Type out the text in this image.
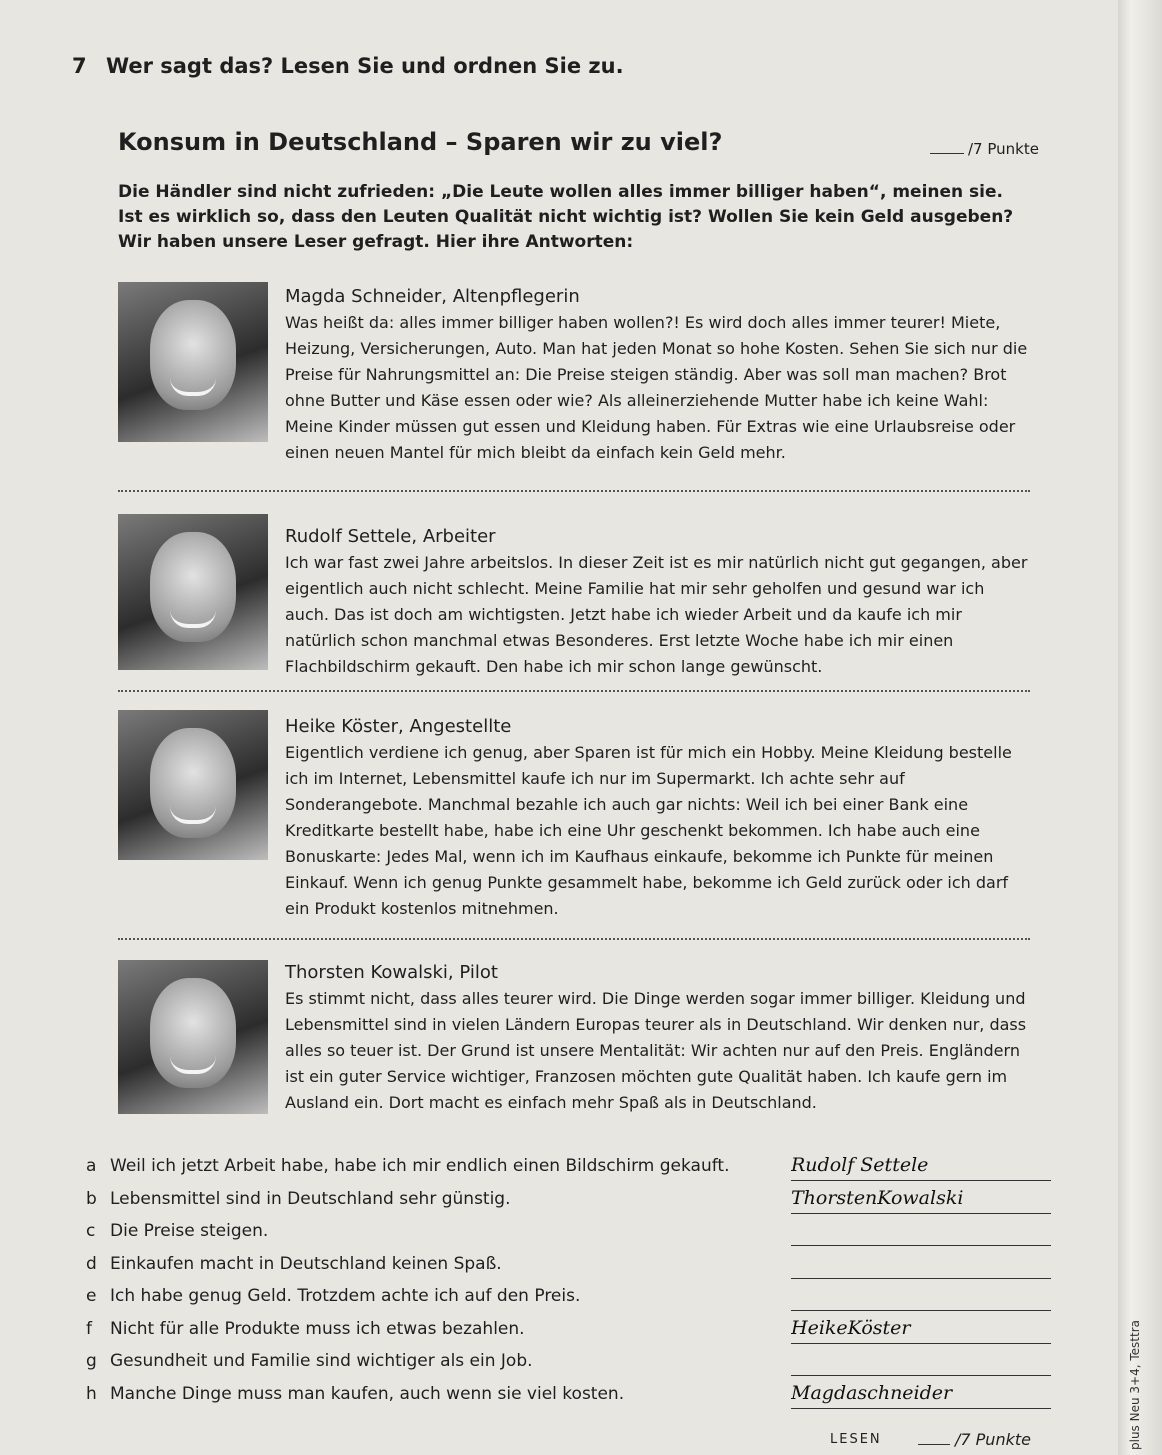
7 Wer sagt das? Lesen Sie und ordnen Sie zu.
/7 Punkte
Konsum in Deutschland – Sparen wir zu viel?
Die Händler sind nicht zufrieden: „Die Leute wollen alles immer billiger haben“, meinen sie. Ist es wirklich so, dass den Leuten Qualität nicht wichtig ist? Wollen Sie kein Geld ausgeben? Wir haben unsere Leser gefragt. Hier ihre Antworten:
Magda Schneider, Altenpflegerin
Was heißt da: alles immer billiger haben wollen?! Es wird doch alles immer teurer! Miete, Heizung, Versicherungen, Auto. Man hat jeden Monat so hohe Kosten. Sehen Sie sich nur die Preise für Nahrungsmittel an: Die Preise steigen ständig. Aber was soll man machen? Brot ohne Butter und Käse essen oder wie? Als alleinerziehende Mutter habe ich keine Wahl: Meine Kinder müssen gut essen und Kleidung haben. Für Extras wie eine Urlaubsreise oder einen neuen Mantel für mich bleibt da einfach kein Geld mehr.
Rudolf Settele, Arbeiter
Ich war fast zwei Jahre arbeitslos. In dieser Zeit ist es mir natürlich nicht gut gegangen, aber eigentlich auch nicht schlecht. Meine Familie hat mir sehr geholfen und gesund war ich auch. Das ist doch am wichtigsten. Jetzt habe ich wieder Arbeit und da kaufe ich mir natürlich schon manchmal etwas Besonderes. Erst letzte Woche habe ich mir einen Flachbildschirm gekauft. Den habe ich mir schon lange gewünscht.
Heike Köster, Angestellte
Eigentlich verdiene ich genug, aber Sparen ist für mich ein Hobby. Meine Kleidung bestelle ich im Internet, Lebensmittel kaufe ich nur im Supermarkt. Ich achte sehr auf Sonderangebote. Manchmal bezahle ich auch gar nichts: Weil ich bei einer Bank eine Kreditkarte bestellt habe, habe ich eine Uhr geschenkt bekommen. Ich habe auch eine Bonuskarte: Jedes Mal, wenn ich im Kaufhaus einkaufe, bekomme ich Punkte für meinen Einkauf. Wenn ich genug Punkte gesammelt habe, bekomme ich Geld zurück oder ich darf ein Produkt kostenlos mitnehmen.
Thorsten Kowalski, Pilot
Es stimmt nicht, dass alles teurer wird. Die Dinge werden sogar immer billiger. Kleidung und Lebensmittel sind in vielen Ländern Europas teurer als in Deutschland. Wir denken nur, dass alles so teuer ist. Der Grund ist unsere Mentalität: Wir achten nur auf den Preis. Engländern ist ein guter Service wichtiger, Franzosen möchten gute Qualität haben. Ich kaufe gern im Ausland ein. Dort macht es einfach mehr Spaß als in Deutschland.
a Weil ich jetzt Arbeit habe, habe ich mir endlich einen Bildschirm gekauft.	Rudolf Settele
b Lebensmittel sind in Deutschland sehr günstig.	ThorstenKowalski
c Die Preise steigen.
d Einkaufen macht in Deutschland keinen Spaß.
e Ich habe genug Geld. Trotzdem achte ich auf den Preis.
f Nicht für alle Produkte muss ich etwas bezahlen.	HeikeKöster
g Gesundheit und Familie sind wichtiger als ein Job.
h Manche Dinge muss man kaufen, auch wenn sie viel kosten.	Magdaschneider
LESEN	/7 Punkte	plus Neu 3+4, Testtra
